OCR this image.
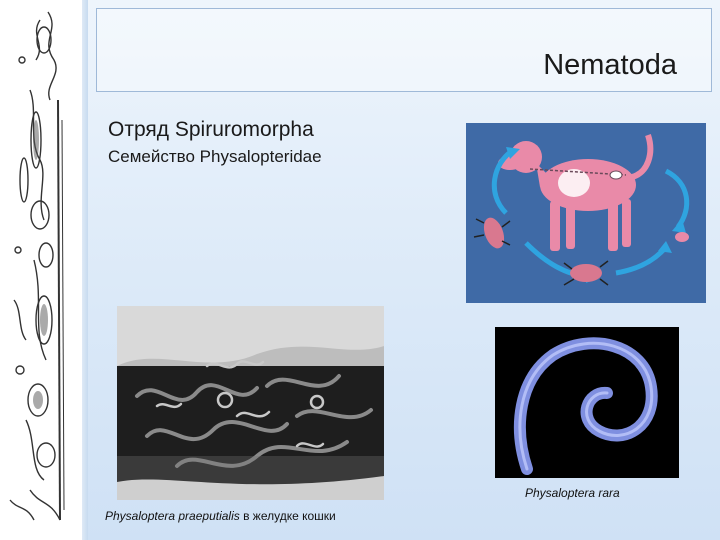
Nematoda
Отряд Spiruromorpha
Семейство Physalopteridae
Physaloptera rara
Physaloptera praeputialis в желудке кошки
